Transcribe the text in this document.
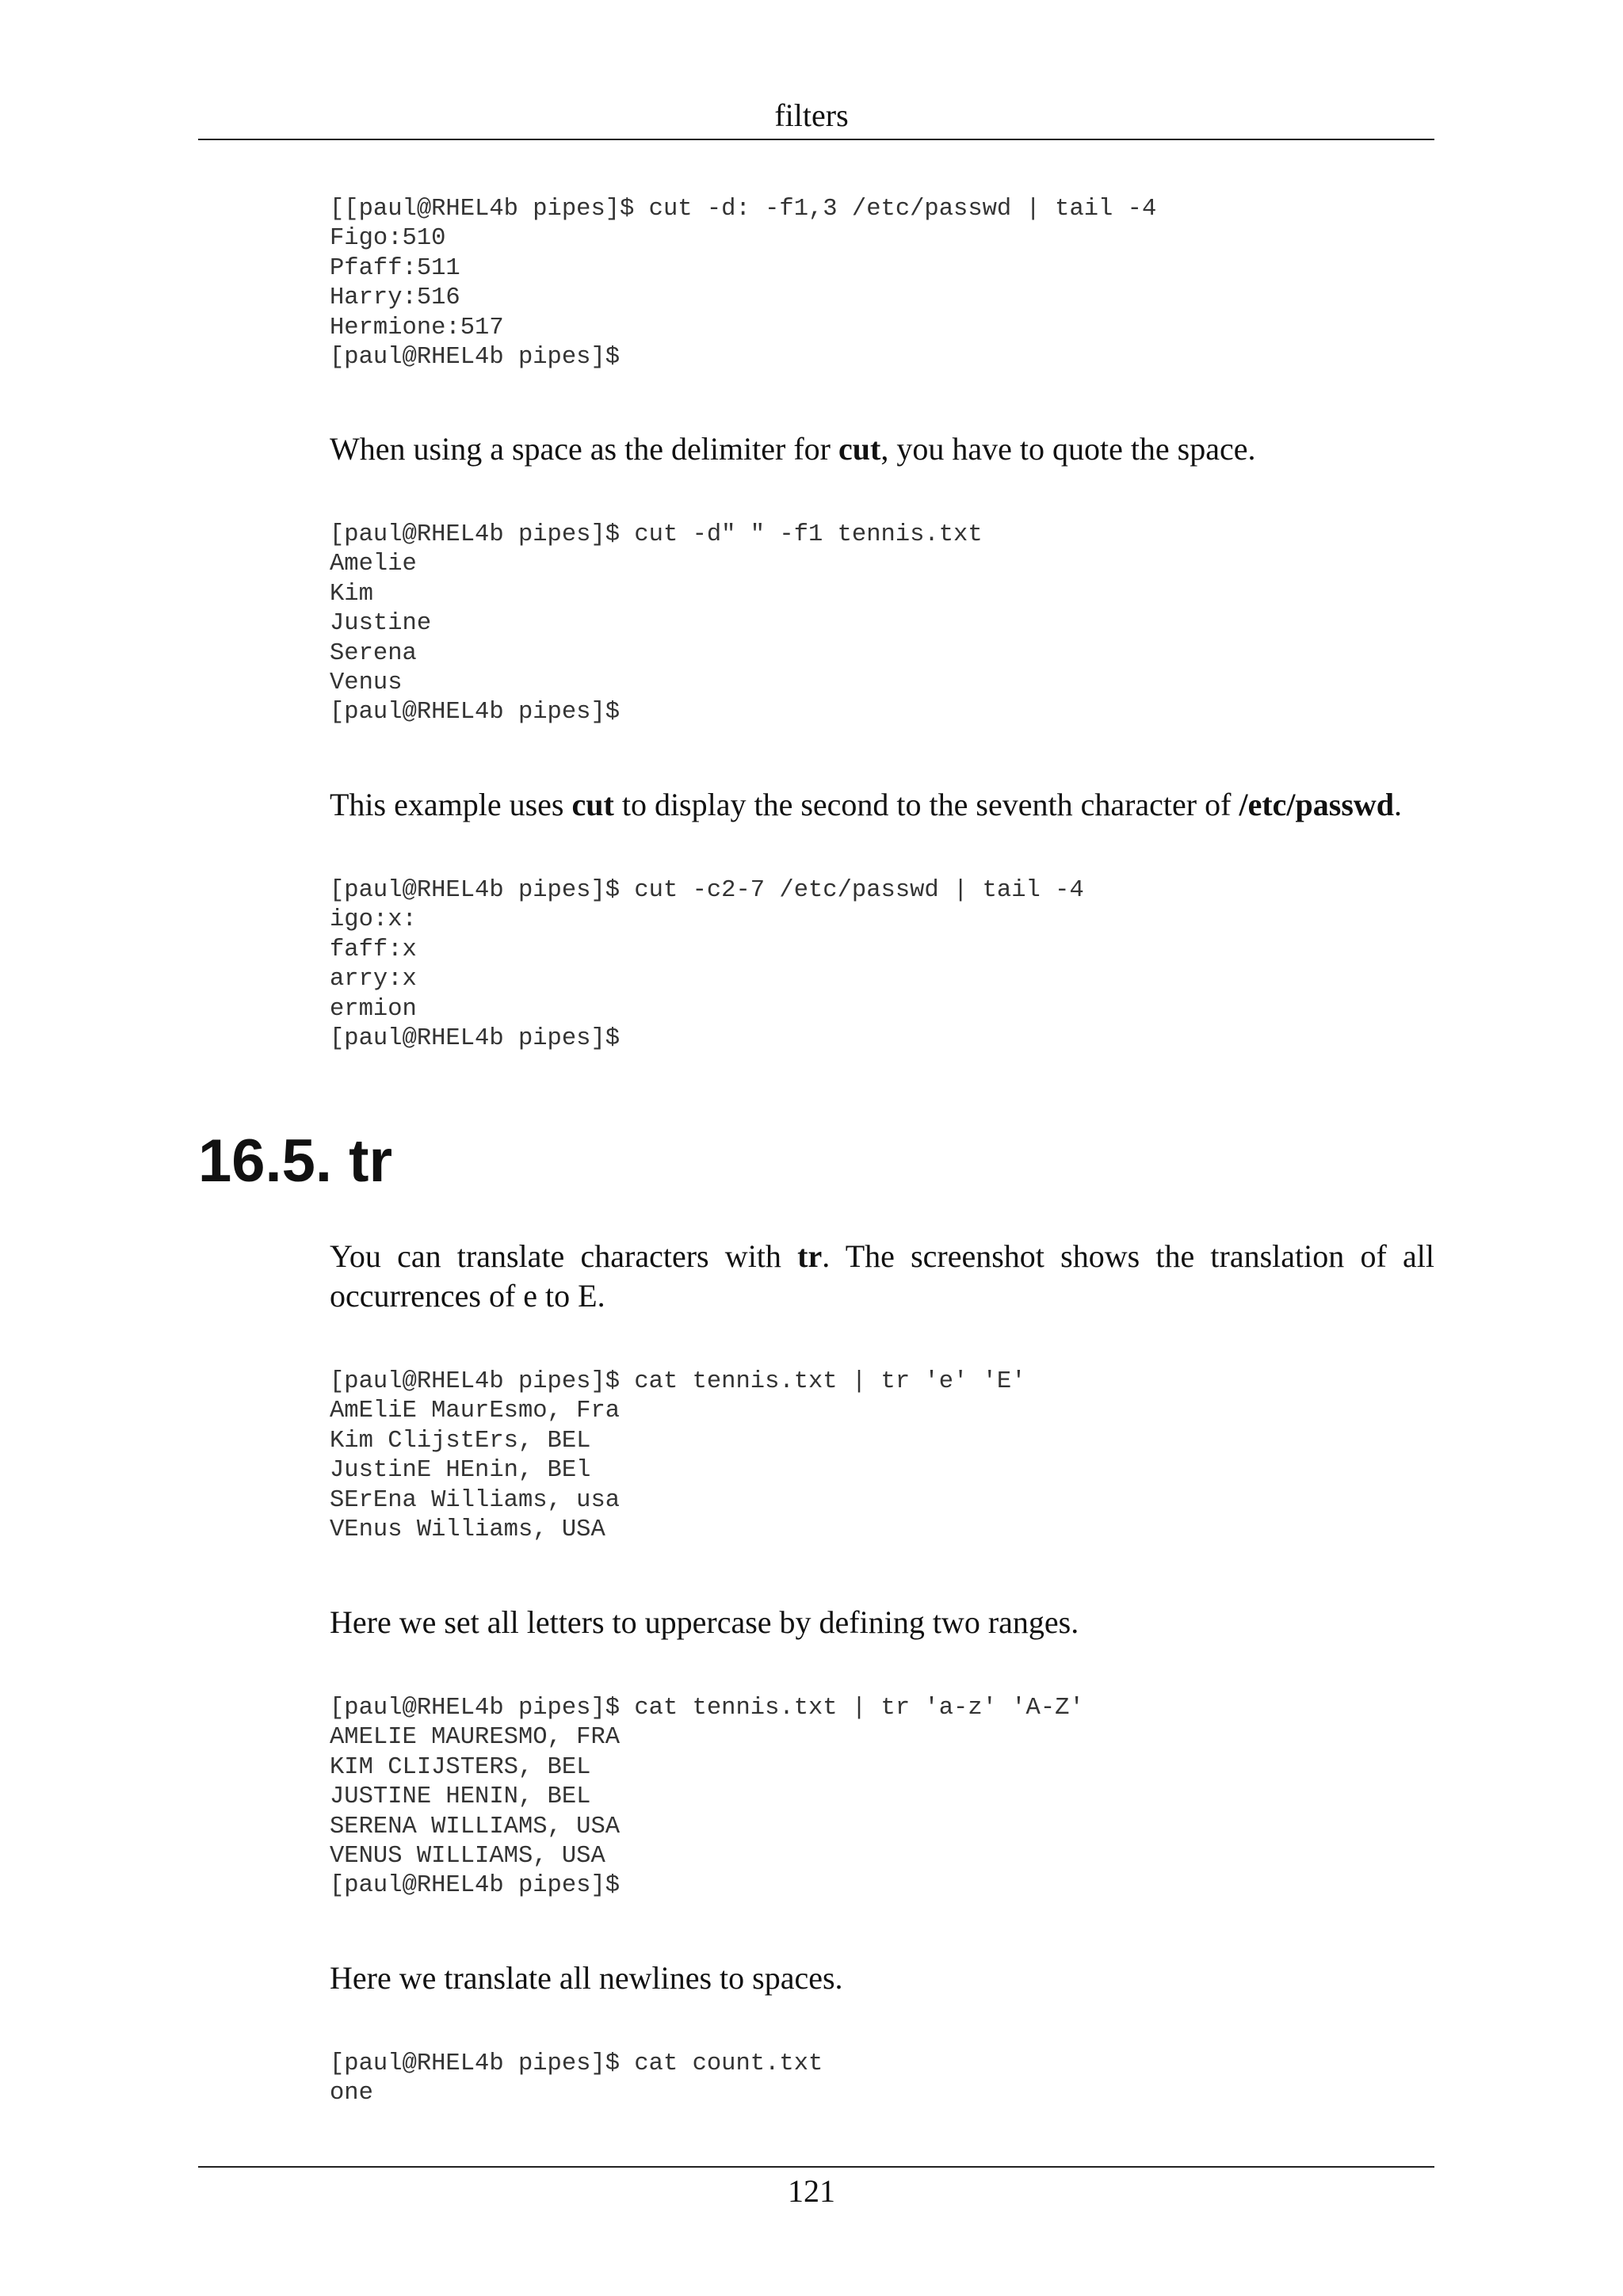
filters
[[paul@RHEL4b pipes]$ cut -d: -f1,3 /etc/passwd | tail -4
Figo:510
Pfaff:511
Harry:516
Hermione:517
[paul@RHEL4b pipes]$

When using a space as the delimiter for cut, you have to quote the space.

[paul@RHEL4b pipes]$ cut -d" " -f1 tennis.txt
Amelie
Kim
Justine
Serena
Venus
[paul@RHEL4b pipes]$

This example uses cut to display the second to the seventh character of /etc/passwd.

[paul@RHEL4b pipes]$ cut -c2-7 /etc/passwd | tail -4
igo:x:
faff:x
arry:x
ermion
[paul@RHEL4b pipes]$
16.5. tr

You can translate characters with tr. The screenshot shows the translation of all occurrences of e to E.

[paul@RHEL4b pipes]$ cat tennis.txt | tr 'e' 'E'
AmEliE MaurEsmo, Fra
Kim ClijstErs, BEL
JustinE HEnin, BEl
SErEna Williams, usa
VEnus Williams, USA

Here we set all letters to uppercase by defining two ranges.

[paul@RHEL4b pipes]$ cat tennis.txt | tr 'a-z' 'A-Z'
AMELIE MAURESMO, FRA
KIM CLIJSTERS, BEL
JUSTINE HENIN, BEL
SERENA WILLIAMS, USA
VENUS WILLIAMS, USA
[paul@RHEL4b pipes]$

Here we translate all newlines to spaces.

[paul@RHEL4b pipes]$ cat count.txt
one
121
